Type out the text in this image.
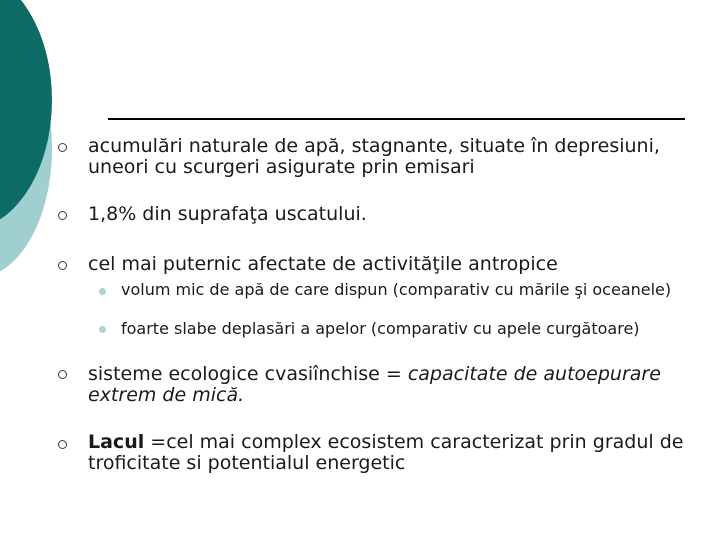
acumulări naturale de apă, stagnante, situate în depresiuni, uneori cu scurgeri asigurate prin emisari
1,8% din suprafaţa uscatului.
cel mai puternic afectate de activităţile antropice
volum mic de apă de care dispun (comparativ cu mările şi oceanele)
foarte slabe deplasări a apelor (comparativ cu apele curgătoare)
sisteme ecologice cvasiînchise = capacitate de autoepurare extrem de mică.
Lacul =cel mai complex ecosistem caracterizat prin gradul de troficitate si potentialul energetic
